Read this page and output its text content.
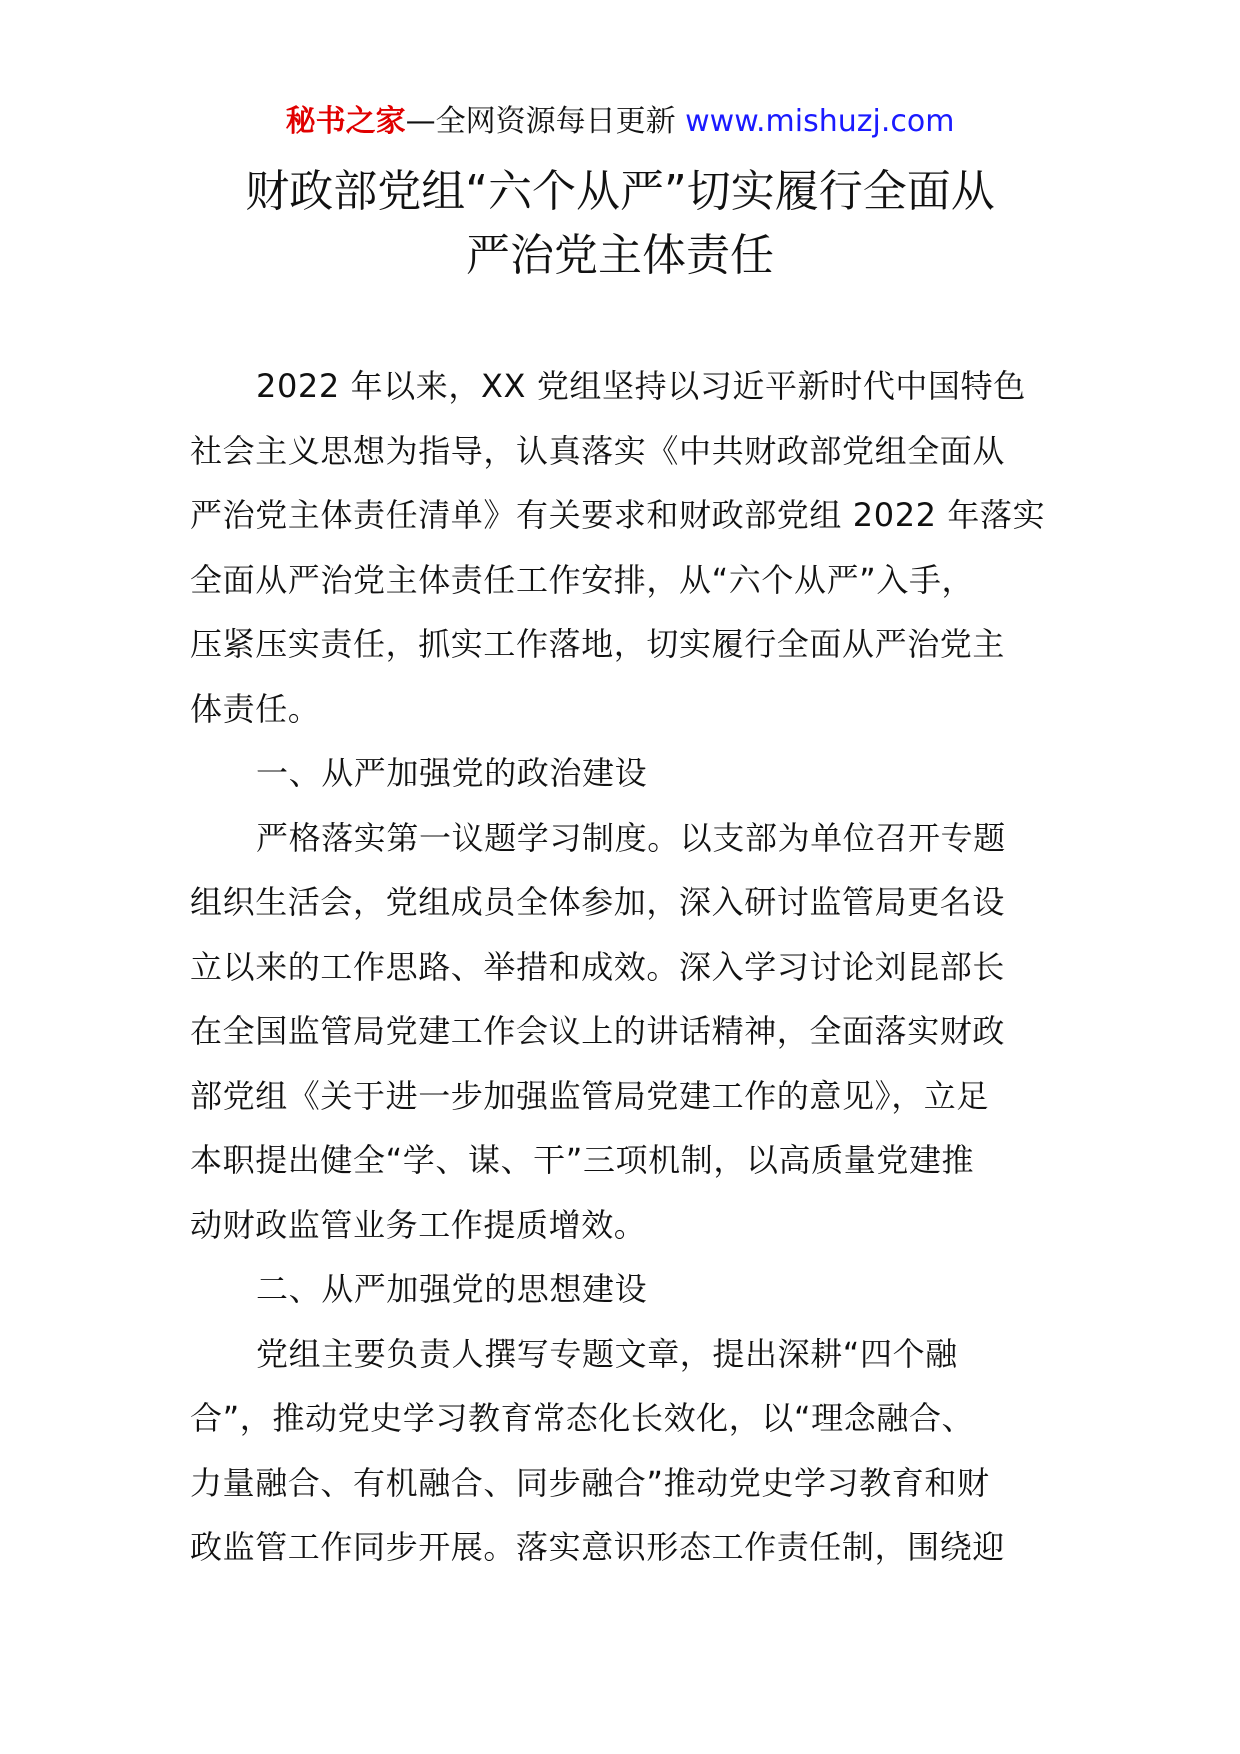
秘书之家—全网资源每日更新 www.mishuzj.com
财政部党组“六个从严”切实履行全面从
严治党主体责任
2022 年以来，XX 党组坚持以习近平新时代中国特色
社会主义思想为指导，认真落实《中共财政部党组全面从
严治党主体责任清单》有关要求和财政部党组 2022 年落实
全面从严治党主体责任工作安排，从“六个从严”入手，
压紧压实责任，抓实工作落地，切实履行全面从严治党主
体责任。
一、从严加强党的政治建设
严格落实第一议题学习制度。以支部为单位召开专题
组织生活会，党组成员全体参加，深入研讨监管局更名设
立以来的工作思路、举措和成效。深入学习讨论刘昆部长
在全国监管局党建工作会议上的讲话精神，全面落实财政
部党组《关于进一步加强监管局党建工作的意见》，立足
本职提出健全“学、谋、干”三项机制，以高质量党建推
动财政监管业务工作提质增效。
二、从严加强党的思想建设
党组主要负责人撰写专题文章，提出深耕“四个融
合”，推动党史学习教育常态化长效化，以“理念融合、
力量融合、有机融合、同步融合”推动党史学习教育和财
政监管工作同步开展。落实意识形态工作责任制，围绕迎
